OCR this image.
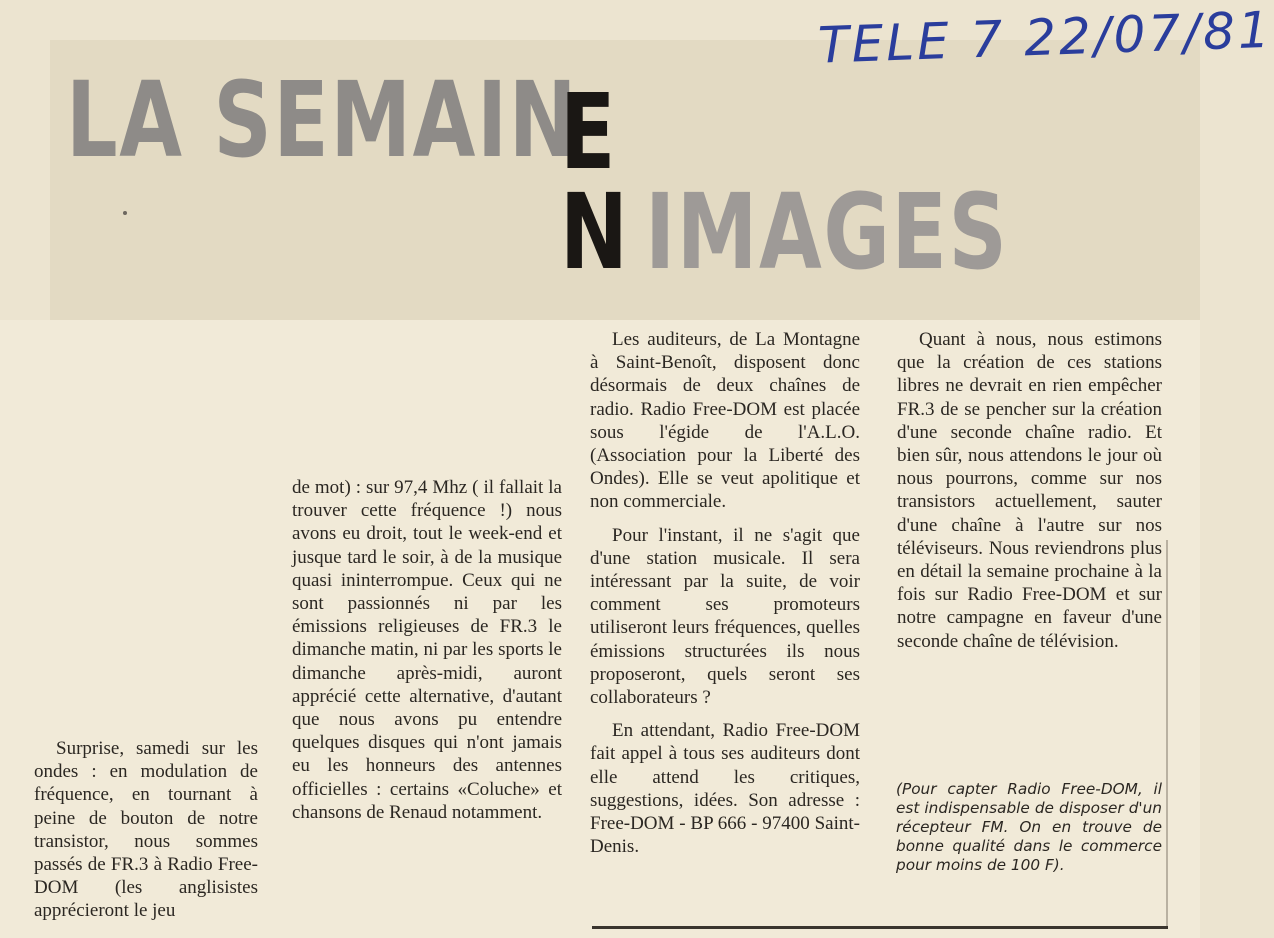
TELE 7 22/07/81
LA SEMAIN
E
N IMAGES

Surprise, samedi sur les ondes : en modulation de fréquence, en tournant à peine de bouton de notre transistor, nous sommes passés de FR.3 à Radio Free-DOM (les anglisistes apprécieront le jeu

de mot) : sur 97,4 Mhz ( il fallait la trouver cette fréquence !) nous avons eu droit, tout le week-end et jusque tard le soir, à de la musique quasi ininterrompue. Ceux qui ne sont passionnés ni par les émissions religieuses de FR.3 le dimanche matin, ni par les sports le dimanche après-midi, auront apprécié cette alternative, d'autant que nous avons pu entendre quelques disques qui n'ont jamais eu les honneurs des antennes officielles : certains «Coluche» et chansons de Renaud notamment.

Les auditeurs, de La Montagne à Saint-Benoît, disposent donc désormais de deux chaînes de radio. Radio Free-DOM est placée sous l'égide de l'A.L.O. (Association pour la Liberté des Ondes). Elle se veut apolitique et non commerciale.

Pour l'instant, il ne s'agit que d'une station musicale. Il sera intéressant par la suite, de voir comment ses promoteurs utiliseront leurs fréquences, quelles émissions structurées ils nous proposeront, quels seront ses collaborateurs ?

En attendant, Radio Free-DOM fait appel à tous ses auditeurs dont elle attend les critiques, suggestions, idées. Son adresse : Free-DOM - BP 666 - 97400 Saint-Denis.

Quant à nous, nous estimons que la création de ces stations libres ne devrait en rien empêcher FR.3 de se pencher sur la création d'une seconde chaîne radio. Et bien sûr, nous attendons le jour où nous pourrons, comme sur nos transistors actuellement, sauter d'une chaîne à l'autre sur nos téléviseurs. Nous reviendrons plus en détail la semaine prochaine à la fois sur Radio Free-DOM et sur notre campagne en faveur d'une seconde chaîne de télévision.

(Pour capter Radio Free-DOM, il est indispensable de disposer d'un récepteur FM. On en trouve de bonne qualité dans le commerce pour moins de 100 F).
